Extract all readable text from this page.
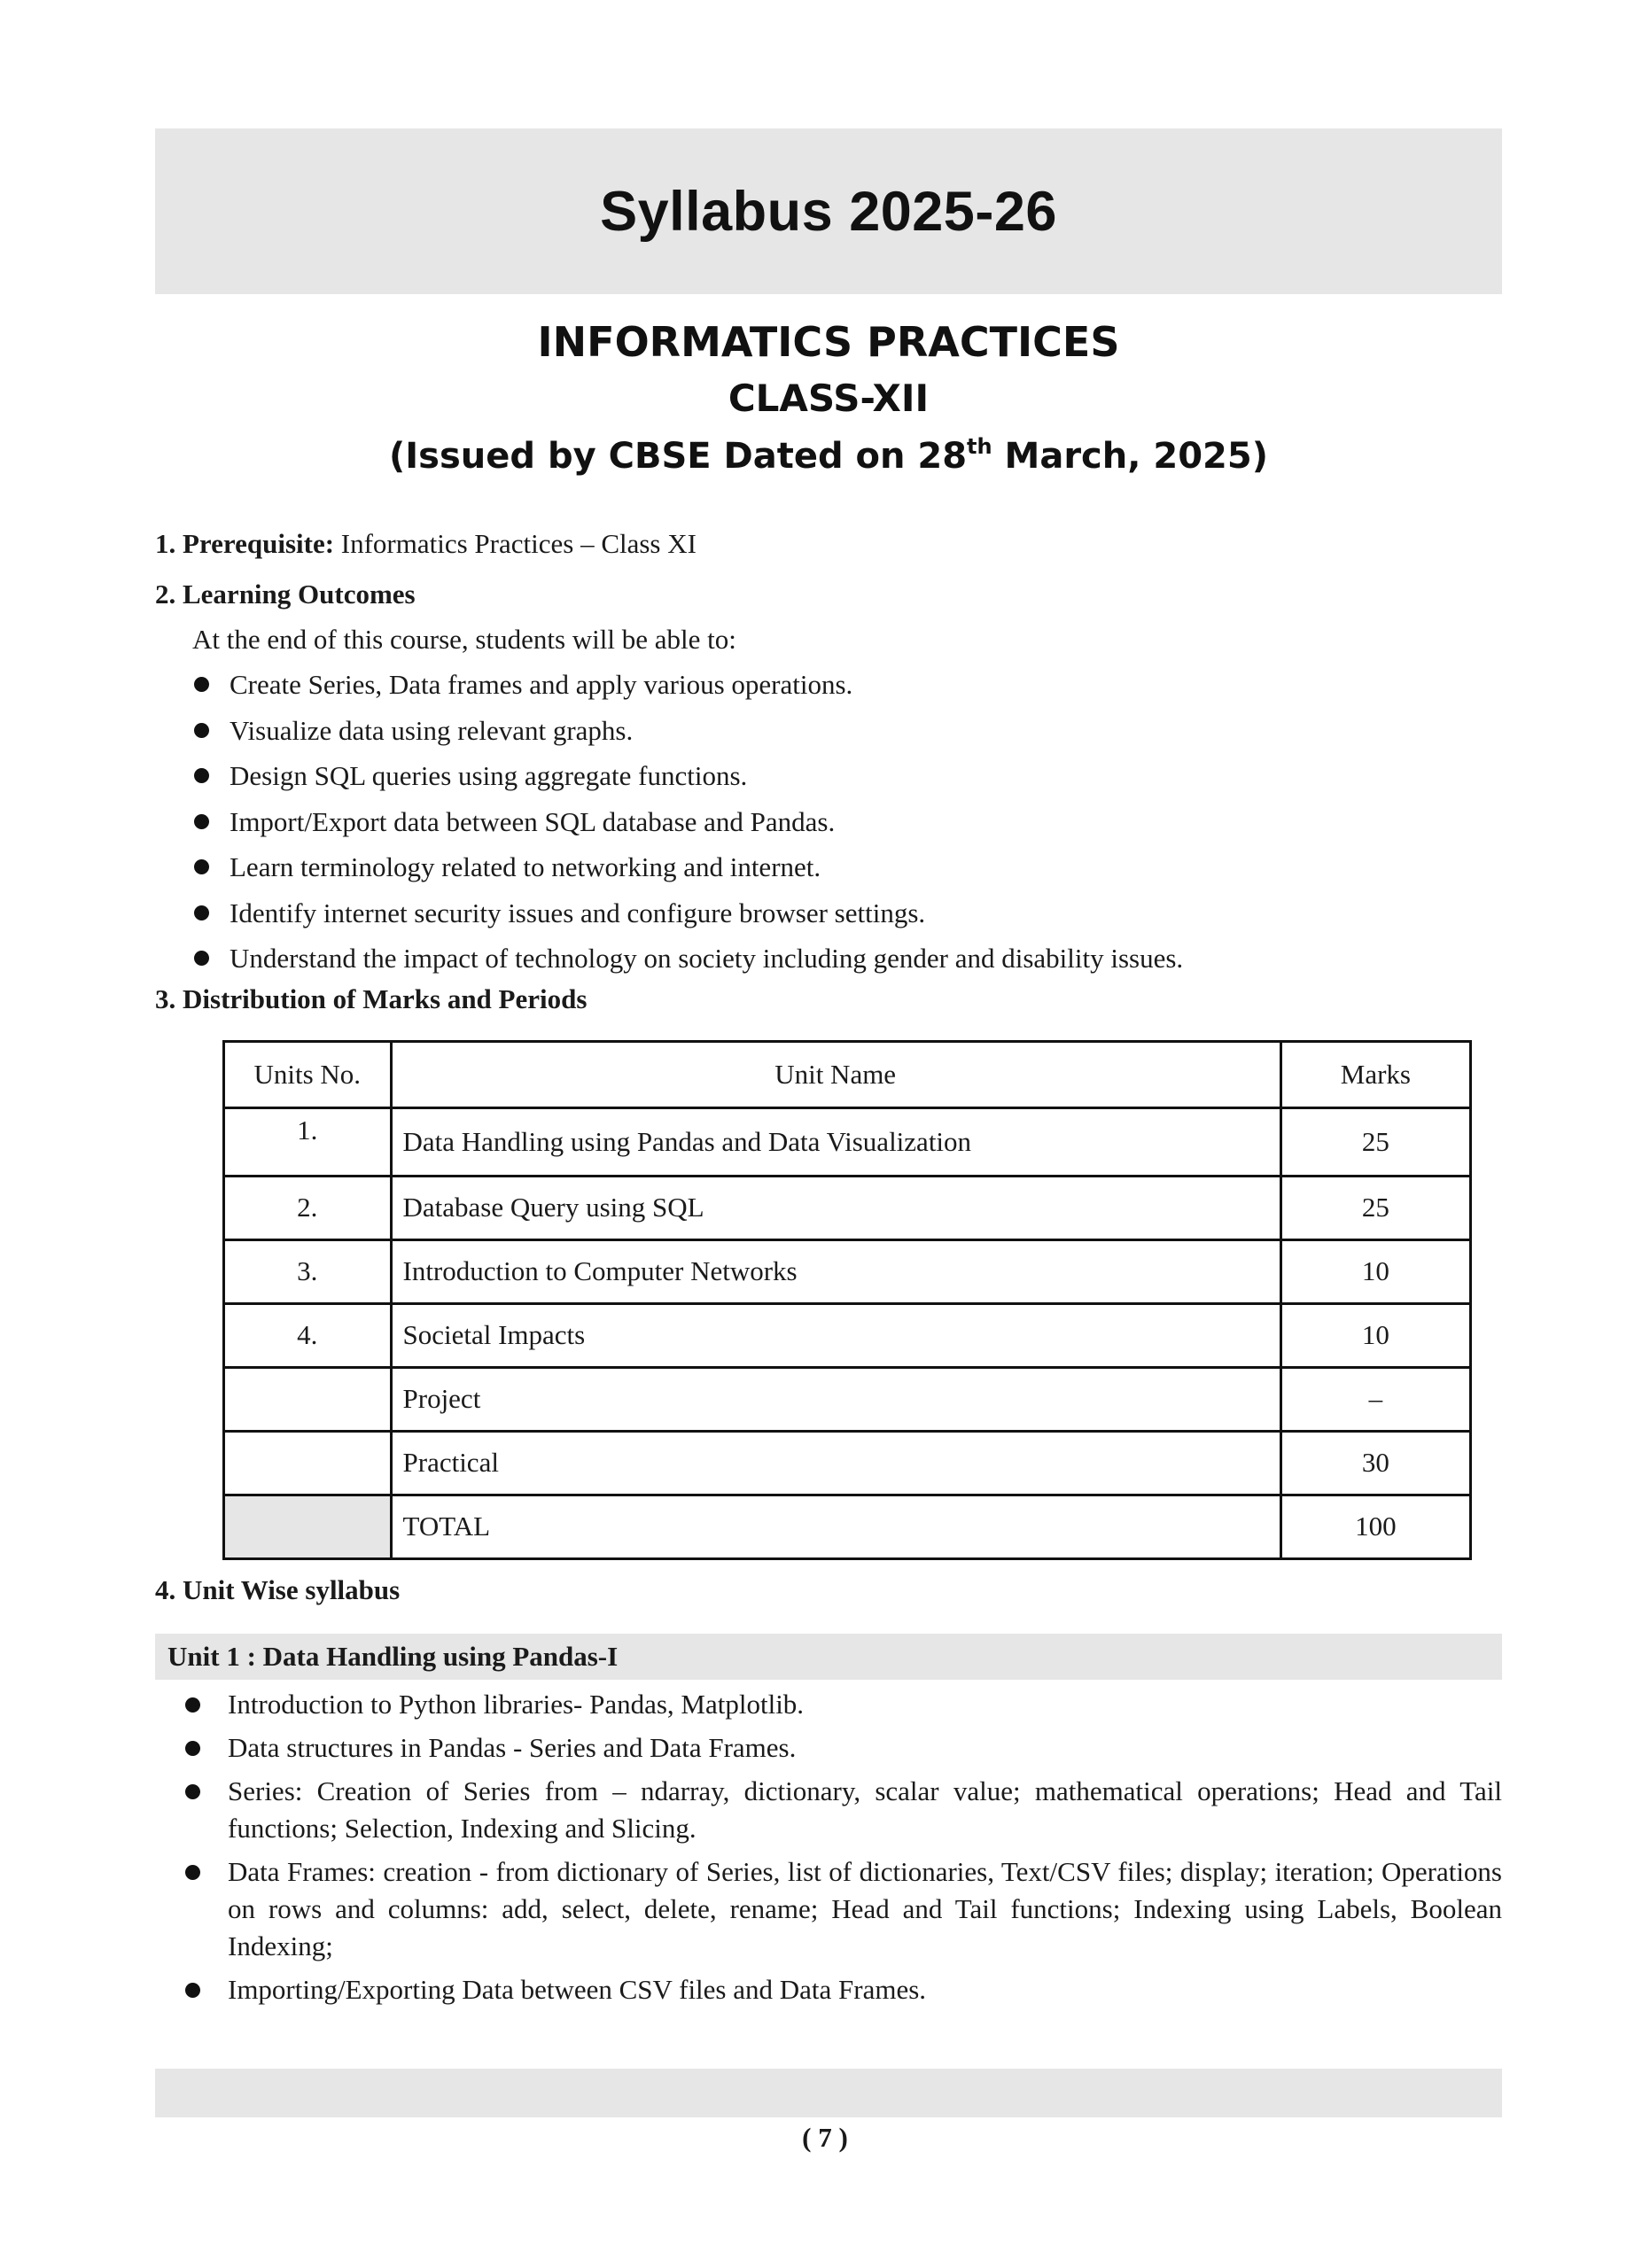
Syllabus 2025-26
INFORMATICS PRACTICES
CLASS-XII
(Issued by CBSE Dated on 28th March, 2025)
1. Prerequisite: Informatics Practices – Class XI
2. Learning Outcomes
At the end of this course, students will be able to:
Create Series, Data frames and apply various operations.
Visualize data using relevant graphs.
Design SQL queries using aggregate functions.
Import/Export data between SQL database and Pandas.
Learn terminology related to networking and internet.
Identify internet security issues and configure browser settings.
Understand the impact of technology on society including gender and disability issues.
3. Distribution of Marks and Periods
Units No.	Unit Name	Marks
1.	Data Handling using Pandas and Data Visualization	25
2.	Database Query using SQL	25
3.	Introduction to Computer Networks	10
4.	Societal Impacts	10
	Project	–
	Practical	30
	TOTAL	100
4. Unit Wise syllabus
Unit 1 : Data Handling using Pandas-I
Introduction to Python libraries- Pandas, Matplotlib.
Data structures in Pandas - Series and Data Frames.
Series: Creation of Series from – ndarray, dictionary, scalar value; mathematical operations; Head and Tail functions; Selection, Indexing and Slicing.
Data Frames: creation - from dictionary of Series, list of dictionaries, Text/CSV files; display; iteration; Operations on rows and columns: add, select, delete, rename; Head and Tail functions; Indexing using Labels, Boolean Indexing;
Importing/Exporting Data between CSV files and Data Frames.
( 7 )
